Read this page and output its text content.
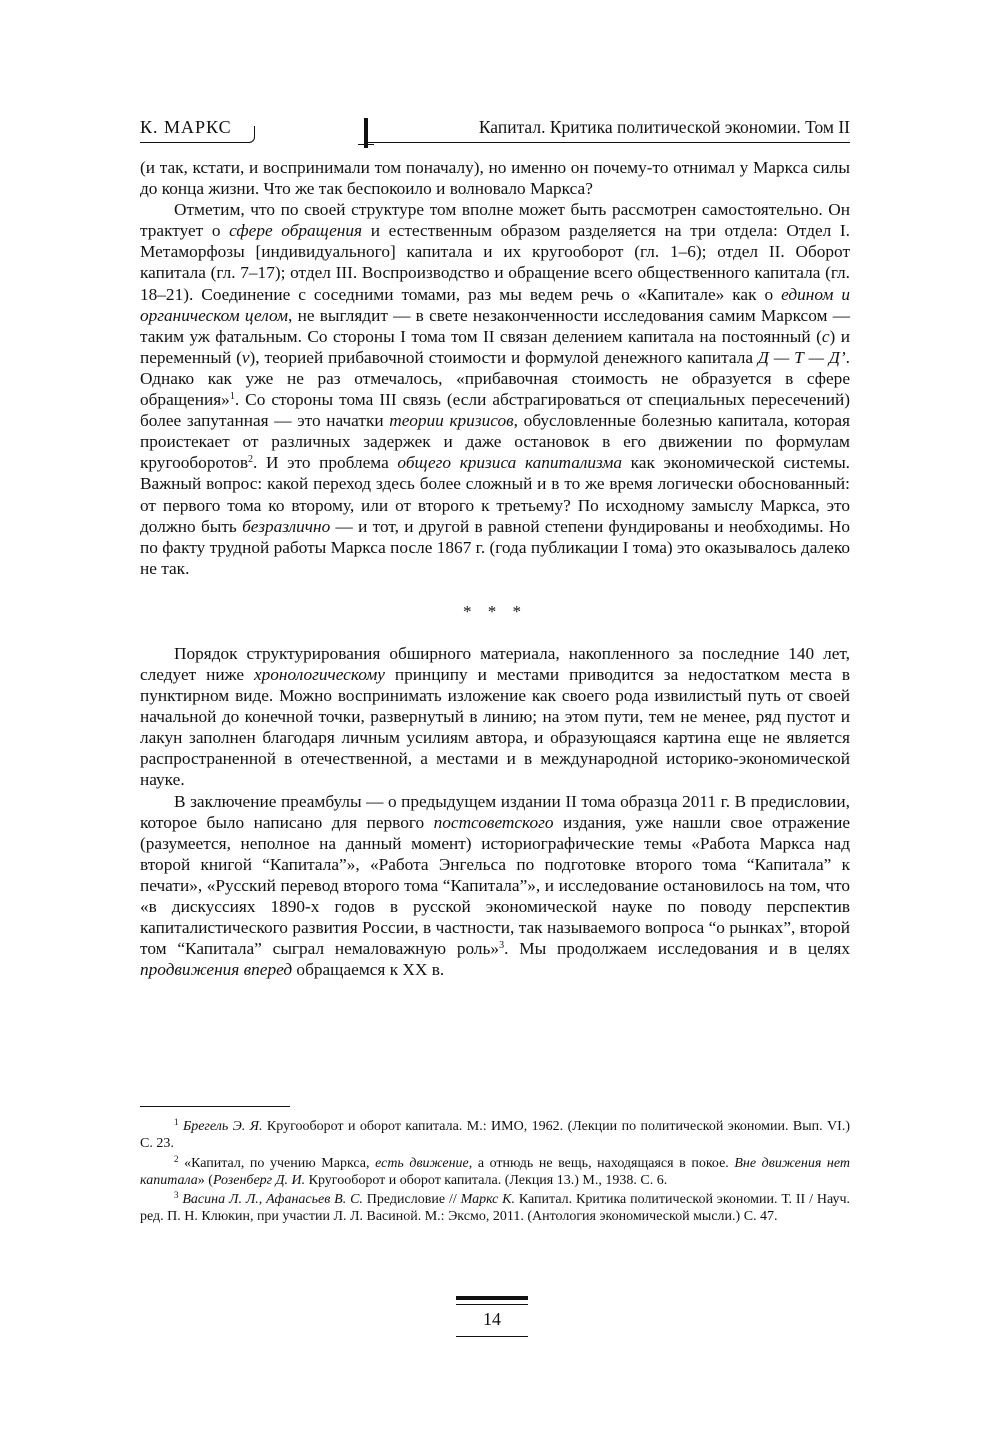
К. МАРКС	Капитал. Критика политической экономии. Том II

(и так, кстати, и воспринимали том поначалу), но именно он почему-то отнимал у Маркса силы до конца жизни. Что же так беспокоило и волновало Маркса?

Отметим, что по своей структуре том вполне может быть рассмотрен самостоятельно. Он трактует о сфере обращения и естественным образом разделяется на три отдела: Отдел I. Метаморфозы [индивидуального] капитала и их кругооборот (гл. 1–6); отдел II. Оборот капитала (гл. 7–17); отдел III. Воспроизводство и обращение всего общественного капитала (гл. 18–21). Соединение с соседними томами, раз мы ведем речь о «Капитале» как о едином и органическом целом, не выглядит — в свете незаконченности исследования самим Марксом — таким уж фатальным. Со стороны I тома том II связан делением капитала на постоянный (c) и переменный (v), теорией прибавочной стоимости и формулой денежного капитала Д — Т — Д’. Однако как уже не раз отмечалось, «прибавочная стоимость не образуется в сфере обращения»$^1$. Со стороны тома III связь (если абстрагироваться от специальных пересечений) более запутанная — это начатки теории кризисов, обусловленные болезнью капитала, которая проистекает от различных задержек и даже остановок в его движении по формулам кругооборотов$^2$. И это проблема общего кризиса капитализма как экономической системы. Важный вопрос: какой переход здесь более сложный и в то же время логически обоснованный: от первого тома ко второму, или от второго к третьему? По исходному замыслу Маркса, это должно быть безразлично — и тот, и другой в равной степени фундированы и необходимы. Но по факту трудной работы Маркса после 1867 г. (года публикации I тома) это оказывалось далеко не так.

* * *

Порядок структурирования обширного материала, накопленного за последние 140 лет, следует ниже хронологическому принципу и местами приводится за недостатком места в пунктирном виде. Можно воспринимать изложение как своего рода извилистый путь от своей начальной до конечной точки, развернутый в линию; на этом пути, тем не менее, ряд пустот и лакун заполнен благодаря личным усилиям автора, и образующаяся картина еще не является распространенной в отечественной, а местами и в международной историко-экономической науке.

В заключение преамбулы — о предыдущем издании II тома образца 2011 г. В предисловии, которое было написано для первого постсоветского издания, уже нашли свое отражение (разумеется, неполное на данный момент) историографические темы «Работа Маркса над второй книгой “Капитала”», «Работа Энгельса по подготовке второго тома “Капитала” к печати», «Русский перевод второго тома “Капитала”», и исследование остановилось на том, что «в дискуссиях 1890-х годов в русской экономической науке по поводу перспектив капиталистического развития России, в частности, так называемого вопроса “о рынках”, второй том “Капитала” сыграл немаловажную роль»$^3$. Мы продолжаем исследования и в целях продвижения вперед обращаемся к XX в.

$^1$ Брегель Э. Я. Кругооборот и оборот капитала. М.: ИМО, 1962. (Лекции по политической экономии. Вып. VI.) С. 23.

$^2$ «Капитал, по учению Маркса, есть движение, а отнюдь не вещь, находящаяся в покое. Вне движения нет капитала» (Розенберг Д. И. Кругооборот и оборот капитала. (Лекция 13.) М., 1938. С. 6.

$^3$ Васина Л. Л., Афанасьев В. С. Предисловие // Маркс К. Капитал. Критика политической экономии. Т. II / Науч. ред. П. Н. Клюкин, при участии Л. Л. Васиной. М.: Эксмо, 2011. (Антология экономической мысли.) С. 47.

14
